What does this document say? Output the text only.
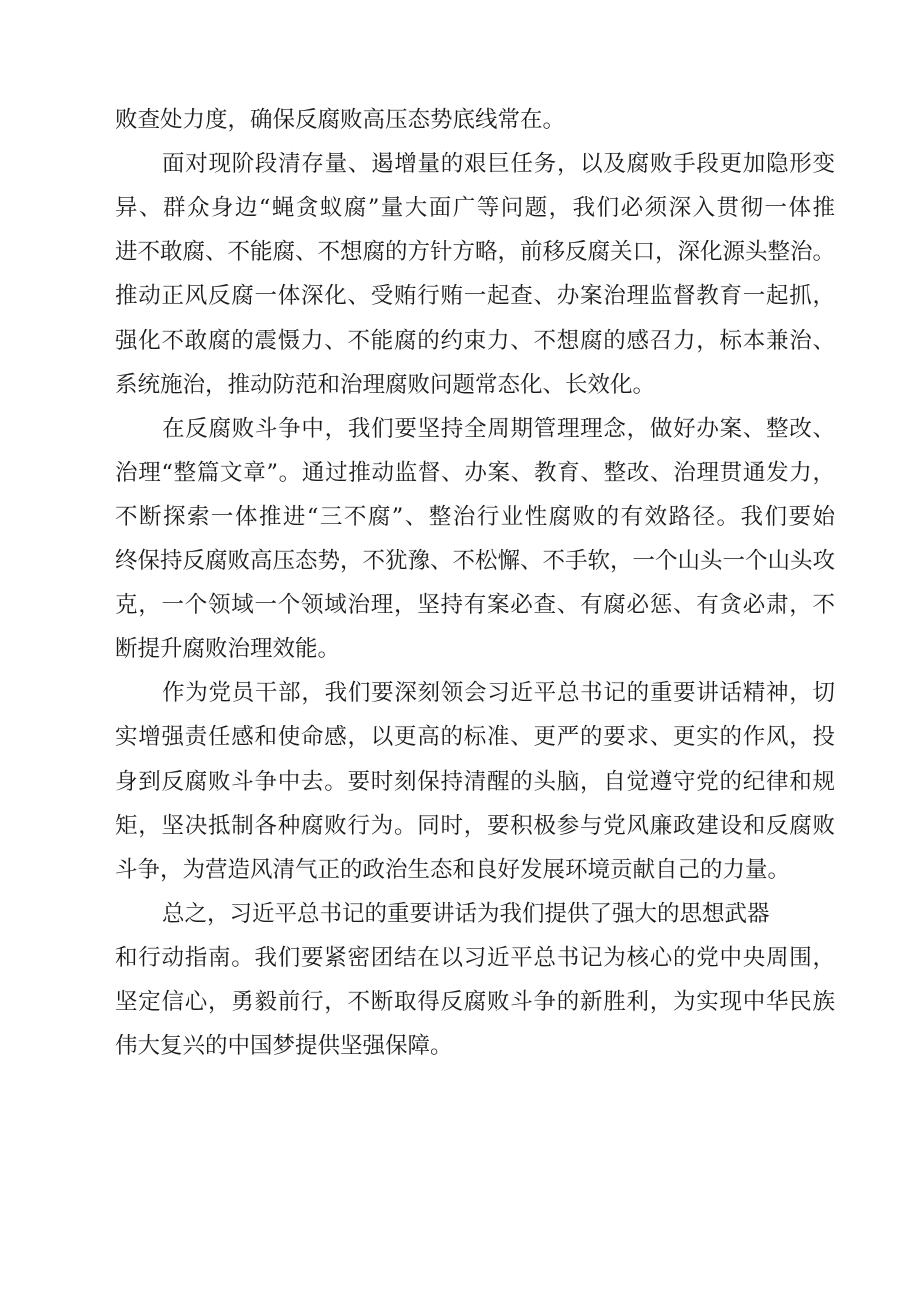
败查处力度，确保反腐败高压态势底线常在。
面对现阶段清存量、遏增量的艰巨任务，以及腐败手段更加隐形变
异、群众身边“蝇贪蚁腐”量大面广等问题，我们必须深入贯彻一体推
进不敢腐、不能腐、不想腐的方针方略，前移反腐关口，深化源头整治。
推动正风反腐一体深化、受贿行贿一起查、办案治理监督教育一起抓，
强化不敢腐的震慑力、不能腐的约束力、不想腐的感召力，标本兼治、
系统施治，推动防范和治理腐败问题常态化、长效化。
在反腐败斗争中，我们要坚持全周期管理理念，做好办案、整改、
治理“整篇文章”。通过推动监督、办案、教育、整改、治理贯通发力，
不断探索一体推进“三不腐”、整治行业性腐败的有效路径。我们要始
终保持反腐败高压态势，不犹豫、不松懈、不手软，一个山头一个山头攻
克，一个领域一个领域治理，坚持有案必查、有腐必惩、有贪必肃，不
断提升腐败治理效能。
作为党员干部，我们要深刻领会习近平总书记的重要讲话精神，切
实增强责任感和使命感，以更高的标准、更严的要求、更实的作风，投
身到反腐败斗争中去。要时刻保持清醒的头脑，自觉遵守党的纪律和规
矩，坚决抵制各种腐败行为。同时，要积极参与党风廉政建设和反腐败
斗争，为营造风清气正的政治生态和良好发展环境贡献自己的力量。
总之，习近平总书记的重要讲话为我们提供了强大的思想武器
和行动指南。我们要紧密团结在以习近平总书记为核心的党中央周围，
坚定信心，勇毅前行，不断取得反腐败斗争的新胜利，为实现中华民族
伟大复兴的中国梦提供坚强保障。
